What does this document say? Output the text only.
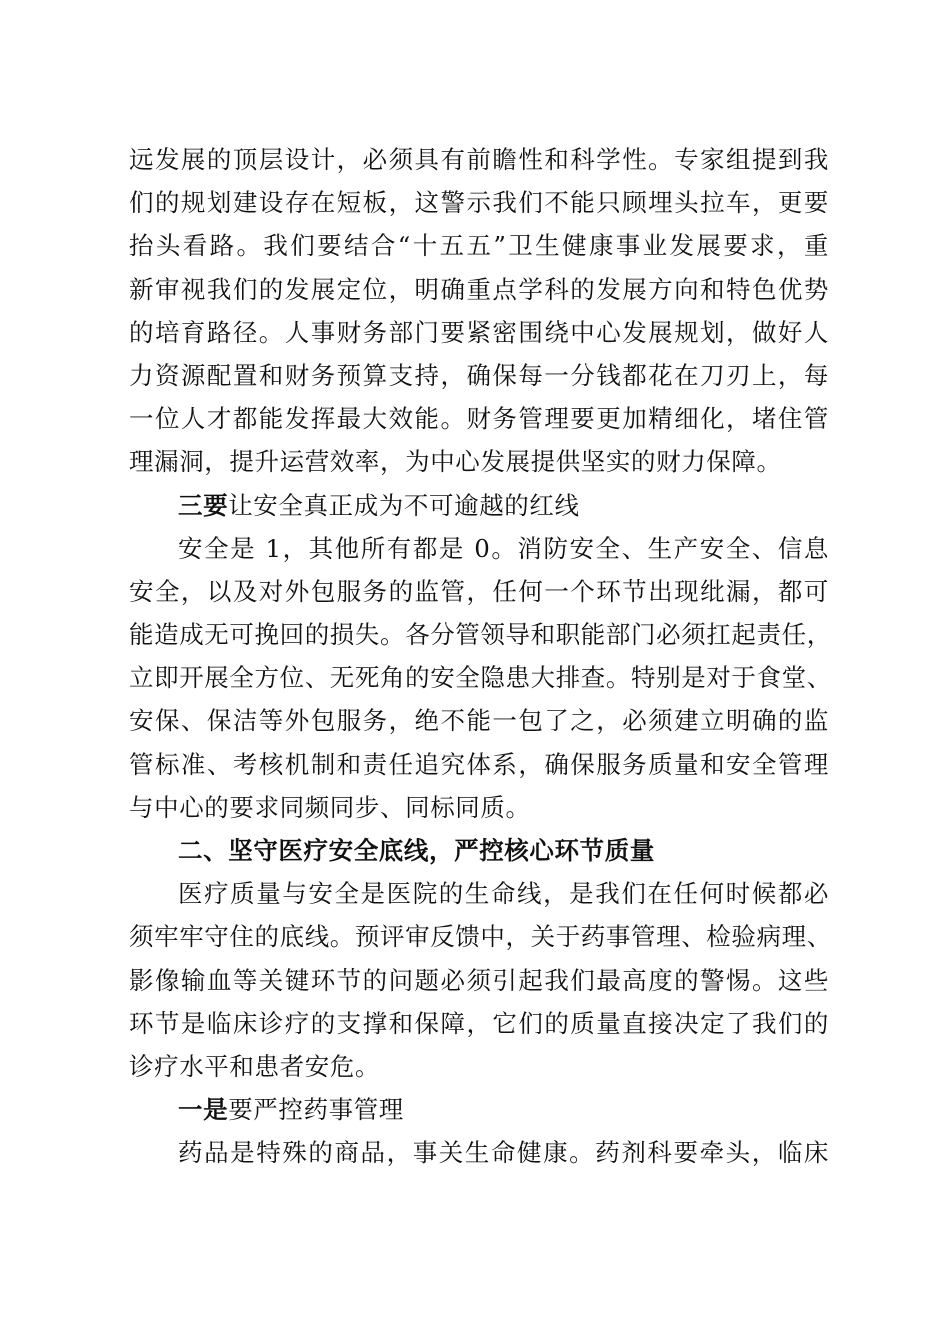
远发展的顶层设计，必须具有前瞻性和科学性。专家组提到我
们的规划建设存在短板，这警示我们不能只顾埋头拉车，更要
抬头看路。我们要结合“十五五”卫生健康事业发展要求，重
新审视我们的发展定位，明确重点学科的发展方向和特色优势
的培育路径。人事财务部门要紧密围绕中心发展规划，做好人
力资源配置和财务预算支持，确保每一分钱都花在刀刃上，每
一位人才都能发挥最大效能。财务管理要更加精细化，堵住管
理漏洞，提升运营效率，为中心发展提供坚实的财力保障。
三要让安全真正成为不可逾越的红线
安全是 1，其他所有都是 0。消防安全、生产安全、信息
安全，以及对外包服务的监管，任何一个环节出现纰漏，都可
能造成无可挽回的损失。各分管领导和职能部门必须扛起责任，
立即开展全方位、无死角的安全隐患大排查。特别是对于食堂、
安保、保洁等外包服务，绝不能一包了之，必须建立明确的监
管标准、考核机制和责任追究体系，确保服务质量和安全管理
与中心的要求同频同步、同标同质。
二、坚守医疗安全底线，严控核心环节质量
医疗质量与安全是医院的生命线，是我们在任何时候都必
须牢牢守住的底线。预评审反馈中，关于药事管理、检验病理、
影像输血等关键环节的问题必须引起我们最高度的警惕。这些
环节是临床诊疗的支撑和保障，它们的质量直接决定了我们的
诊疗水平和患者安危。
一是要严控药事管理
药品是特殊的商品，事关生命健康。药剂科要牵头，临床
